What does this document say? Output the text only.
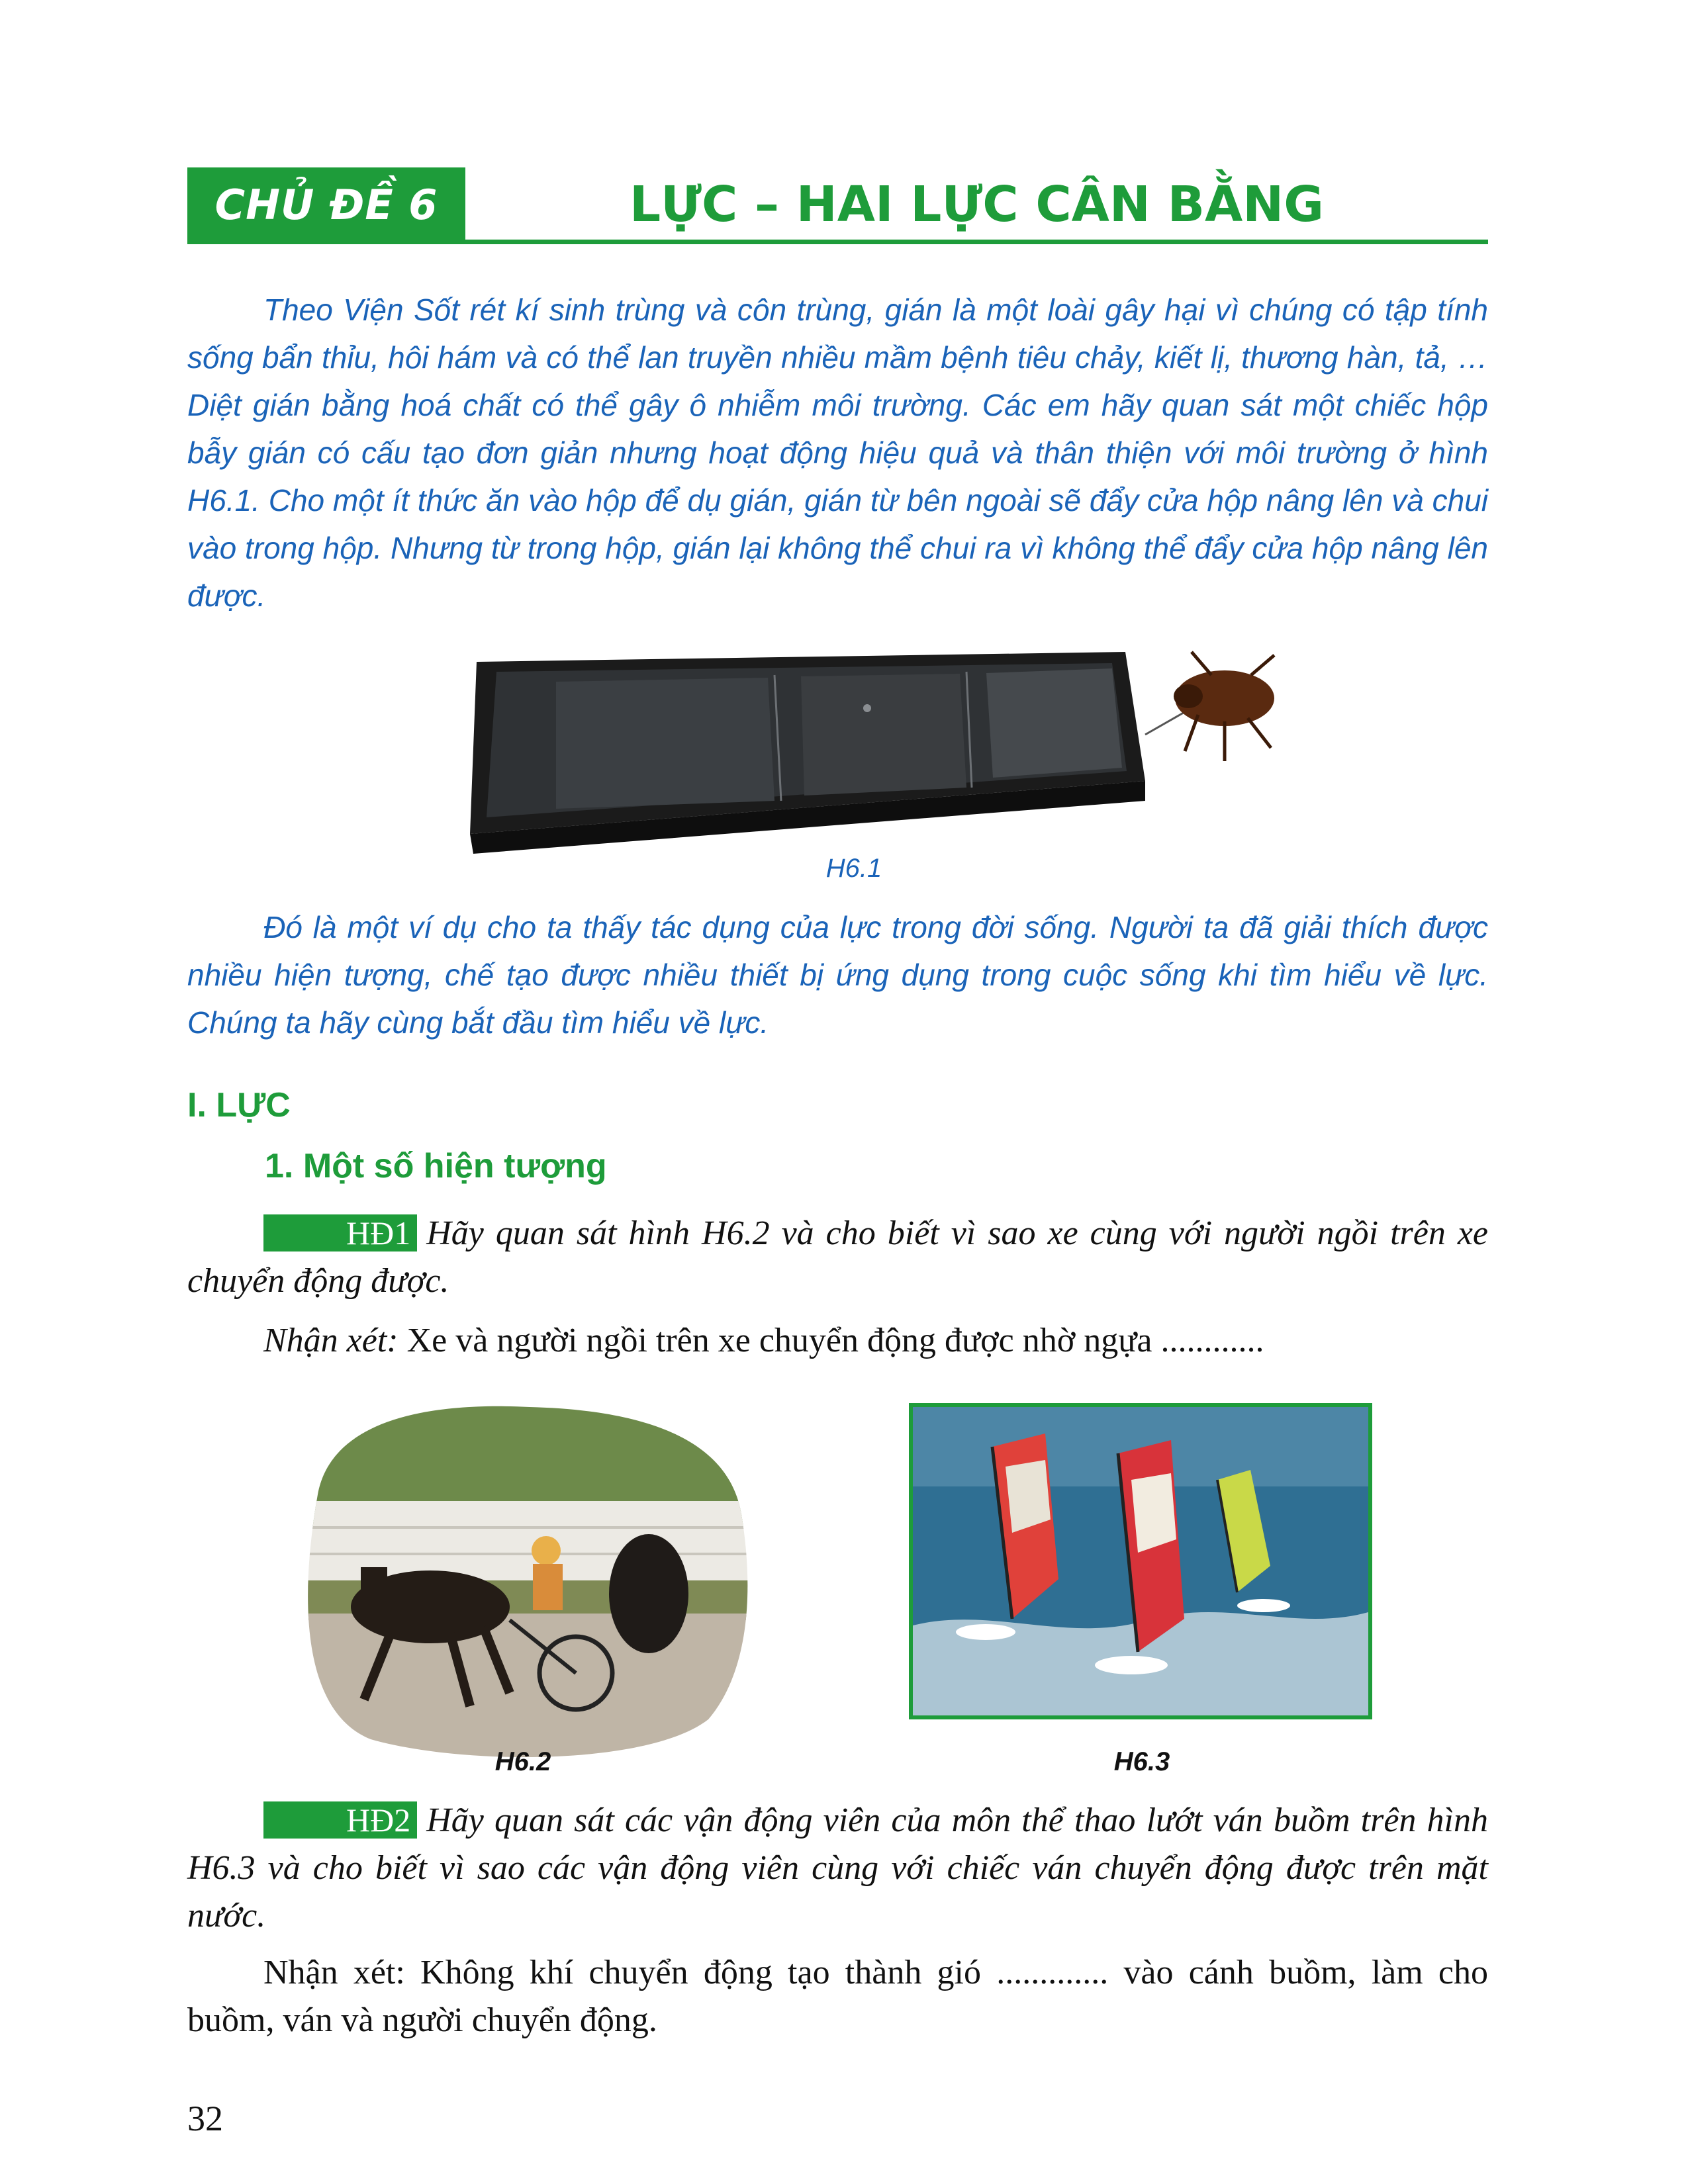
CHỦ ĐỀ 6	LỰC – HAI LỰC CÂN BẰNG

Theo Viện Sốt rét kí sinh trùng và côn trùng, gián là một loài gây hại vì chúng có tập tính sống bẩn thỉu, hôi hám và có thể lan truyền nhiều mầm bệnh tiêu chảy, kiết lị, thương hàn, tả, … Diệt gián bằng hoá chất có thể gây ô nhiễm môi trường. Các em hãy quan sát một chiếc hộp bẫy gián có cấu tạo đơn giản nhưng hoạt động hiệu quả và thân thiện với môi trường ở hình H6.1. Cho một ít thức ăn vào hộp để dụ gián, gián từ bên ngoài sẽ đẩy cửa hộp nâng lên và chui vào trong hộp. Nhưng từ trong hộp, gián lại không thể chui ra vì không thể đẩy cửa hộp nâng lên được.

H6.1

Đó là một ví dụ cho ta thấy tác dụng của lực trong đời sống. Người ta đã giải thích được nhiều hiện tượng, chế tạo được nhiều thiết bị ứng dụng trong cuộc sống khi tìm hiểu về lực. Chúng ta hãy cùng bắt đầu tìm hiểu về lực.

I. LỰC
1. Một số hiện tượng

HĐ1 Hãy quan sát hình H6.2 và cho biết vì sao xe cùng với người ngồi trên xe chuyển động được.

Nhận xét: Xe và người ngồi trên xe chuyển động được nhờ ngựa ............

H6.2	H6.3

HĐ2 Hãy quan sát các vận động viên của môn thể thao lướt ván buồm trên hình H6.3 và cho biết vì sao các vận động viên cùng với chiếc ván chuyển động được trên mặt nước.

Nhận xét: Không khí chuyển động tạo thành gió ............. vào cánh buồm, làm cho buồm, ván và người chuyển động.

32
